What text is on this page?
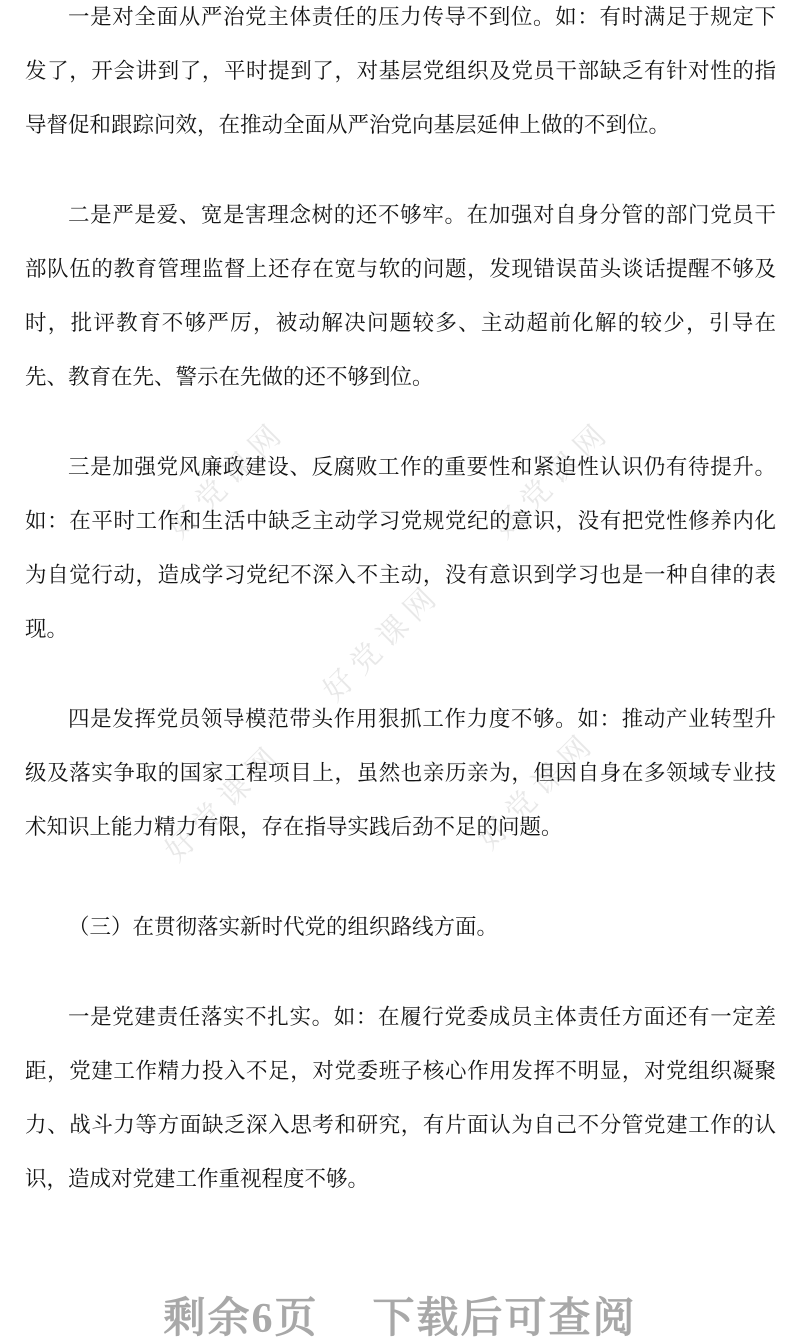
好党课网	好党课网
好党课网
好党课网	好党课网

一是对全面从严治党主体责任的压力传导不到位。如：有时满足于规定下发了，开会讲到了，平时提到了，对基层党组织及党员干部缺乏有针对性的指导督促和跟踪问效，在推动全面从严治党向基层延伸上做的不到位。

二是严是爱、宽是害理念树的还不够牢。在加强对自身分管的部门党员干部队伍的教育管理监督上还存在宽与软的问题，发现错误苗头谈话提醒不够及时，批评教育不够严厉，被动解决问题较多、主动超前化解的较少，引导在先、教育在先、警示在先做的还不够到位。

三是加强党风廉政建设、反腐败工作的重要性和紧迫性认识仍有待提升。如：在平时工作和生活中缺乏主动学习党规党纪的意识，没有把党性修养内化为自觉行动，造成学习党纪不深入不主动，没有意识到学习也是一种自律的表现。

四是发挥党员领导模范带头作用狠抓工作力度不够。如：推动产业转型升级及落实争取的国家工程项目上，虽然也亲历亲为，但因自身在多领域专业技术知识上能力精力有限，存在指导实践后劲不足的问题。

（三）在贯彻落实新时代党的组织路线方面。

一是党建责任落实不扎实。如：在履行党委成员主体责任方面还有一定差距，党建工作精力投入不足，对党委班子核心作用发挥不明显，对党组织凝聚力、战斗力等方面缺乏深入思考和研究，有片面认为自己不分管党建工作的认识，造成对党建工作重视程度不够。

剩余6页 下载后可查阅
